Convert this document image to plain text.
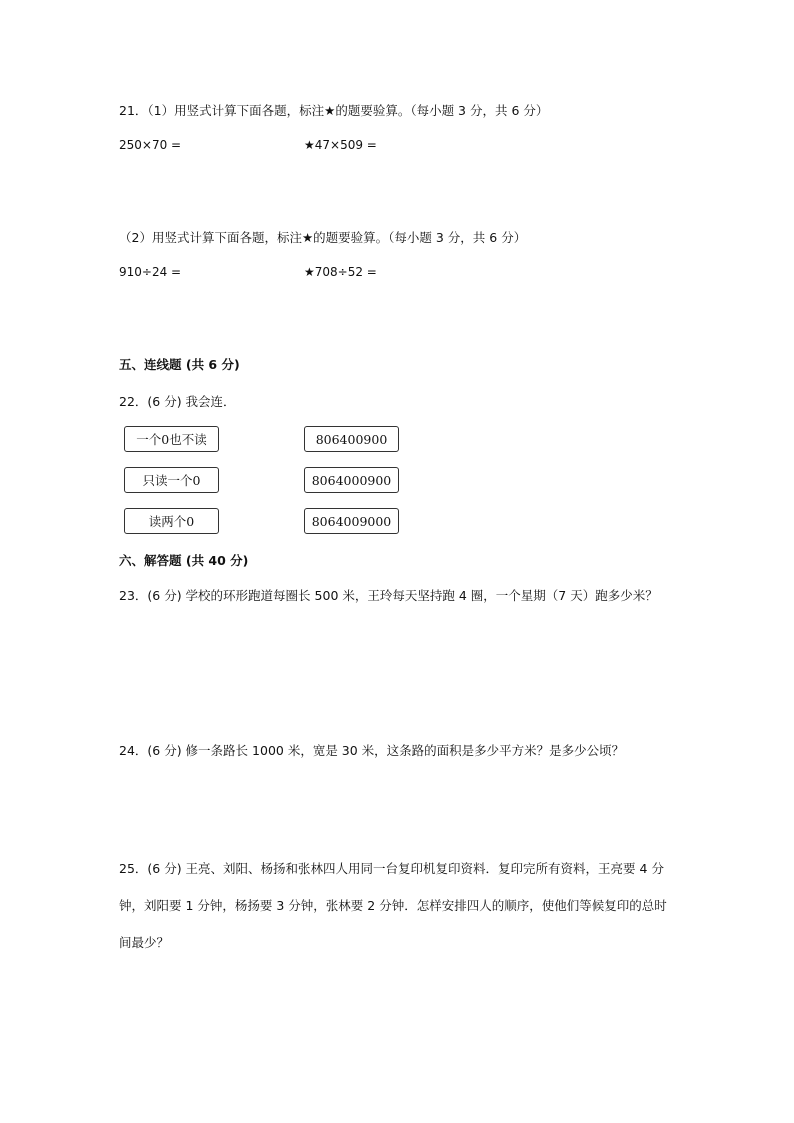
21．（1）用竖式计算下面各题，标注★的题要验算。（每小题 3 分，共 6 分）
250×70 =	★47×509 =
（2）用竖式计算下面各题，标注★的题要验算。（每小题 3 分，共 6 分）
910÷24 =	★708÷52 =
五、连线题 (共 6 分)
22．(6 分) 我会连．
一个0也不读
只读一个0
读两个0
806400900
8064000900
8064009000
六、解答题 (共 40 分)
23．(6 分) 学校的环形跑道每圈长 500 米，王玲每天坚持跑 4 圈，一个星期（7 天）跑多少米？
24．(6 分) 修一条路长 1000 米，宽是 30 米，这条路的面积是多少平方米？是多少公顷？
25．(6 分) 王亮、刘阳、杨扬和张林四人用同一台复印机复印资料．复印完所有资料，王亮要 4 分钟，刘阳要 1 分钟，杨扬要 3 分钟，张林要 2 分钟．怎样安排四人的顺序，使他们等候复印的总时间最少？
